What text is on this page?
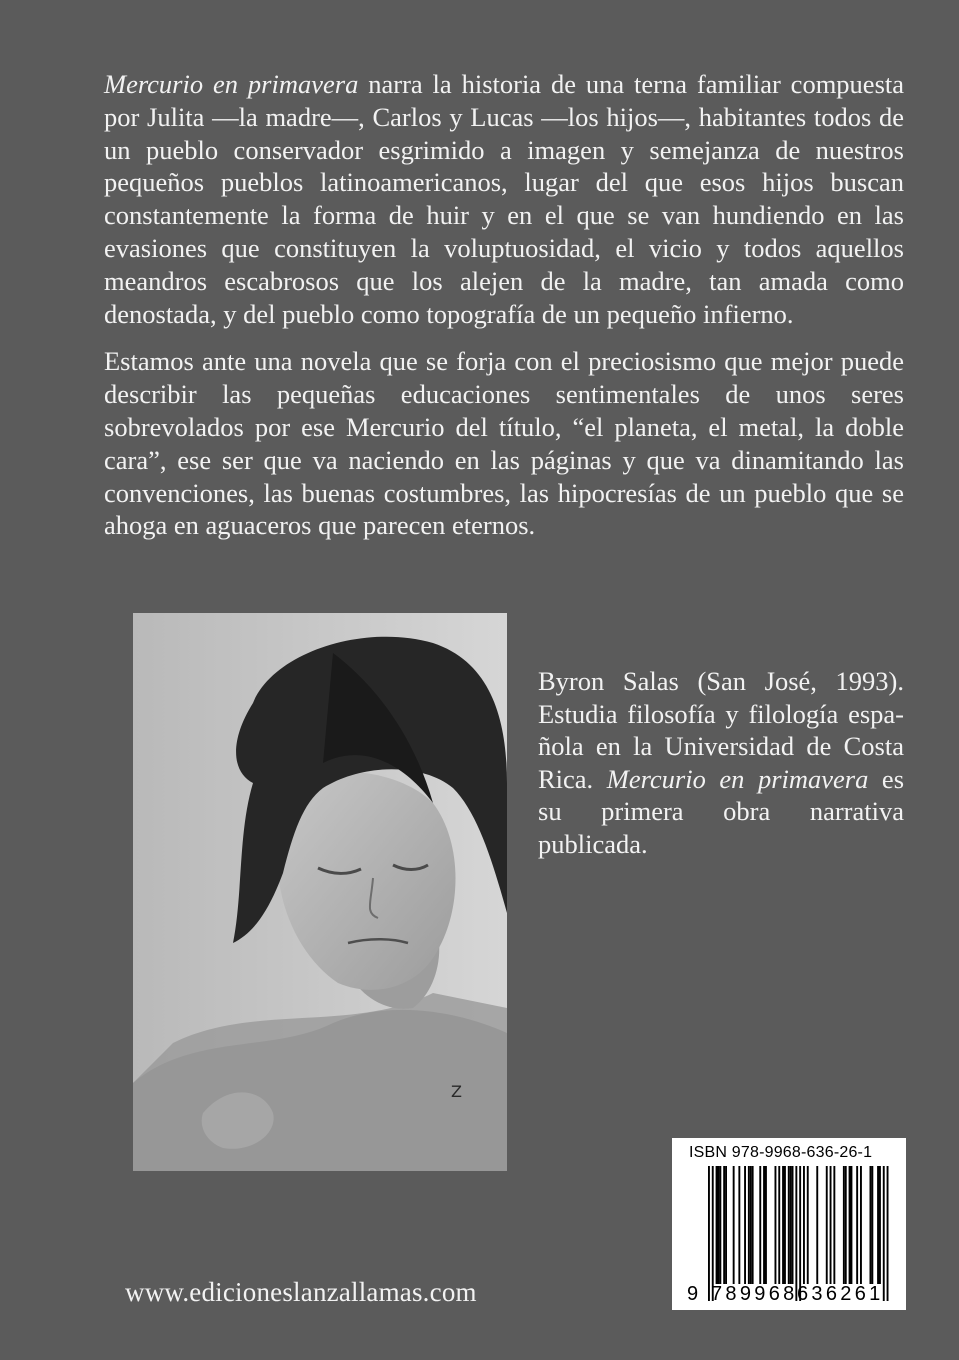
Mercurio en primavera narra la historia de una terna familiar compuesta por Julita —la madre—, Carlos y Lucas —los hijos—, habitantes todos de un pueblo conservador esgrimido a imagen y semejanza de nuestros pequeños pueblos latinoamericanos, lugar del que esos hijos buscan constantemente la forma de huir y en el que se van hundiendo en las evasiones que constituyen la voluptuosidad, el vicio y todos aquellos meandros escabrosos que los alejen de la madre, tan amada como denostada, y del pueblo como topografía de un pequeño infierno.

Estamos ante una novela que se forja con el preciosismo que mejor puede describir las pequeñas educaciones sentimentales de unos seres sobrevolados por ese Mercurio del título, “el planeta, el metal, la doble cara”, ese ser que va naciendo en las páginas y que va dinamitando las convenciones, las buenas costumbres, las hipocresías de un pueblo que se ahoga en aguaceros que parecen eternos.

Z

Byron Salas (San José, 1993). Estudia filosofía y filología española en la Universidad de Costa Rica. Mercurio en primavera es su primera obra narrativa publicada.

www.edicioneslanzallamas.com
ISBN 978-9968-636-26-1
9 789968 636261
